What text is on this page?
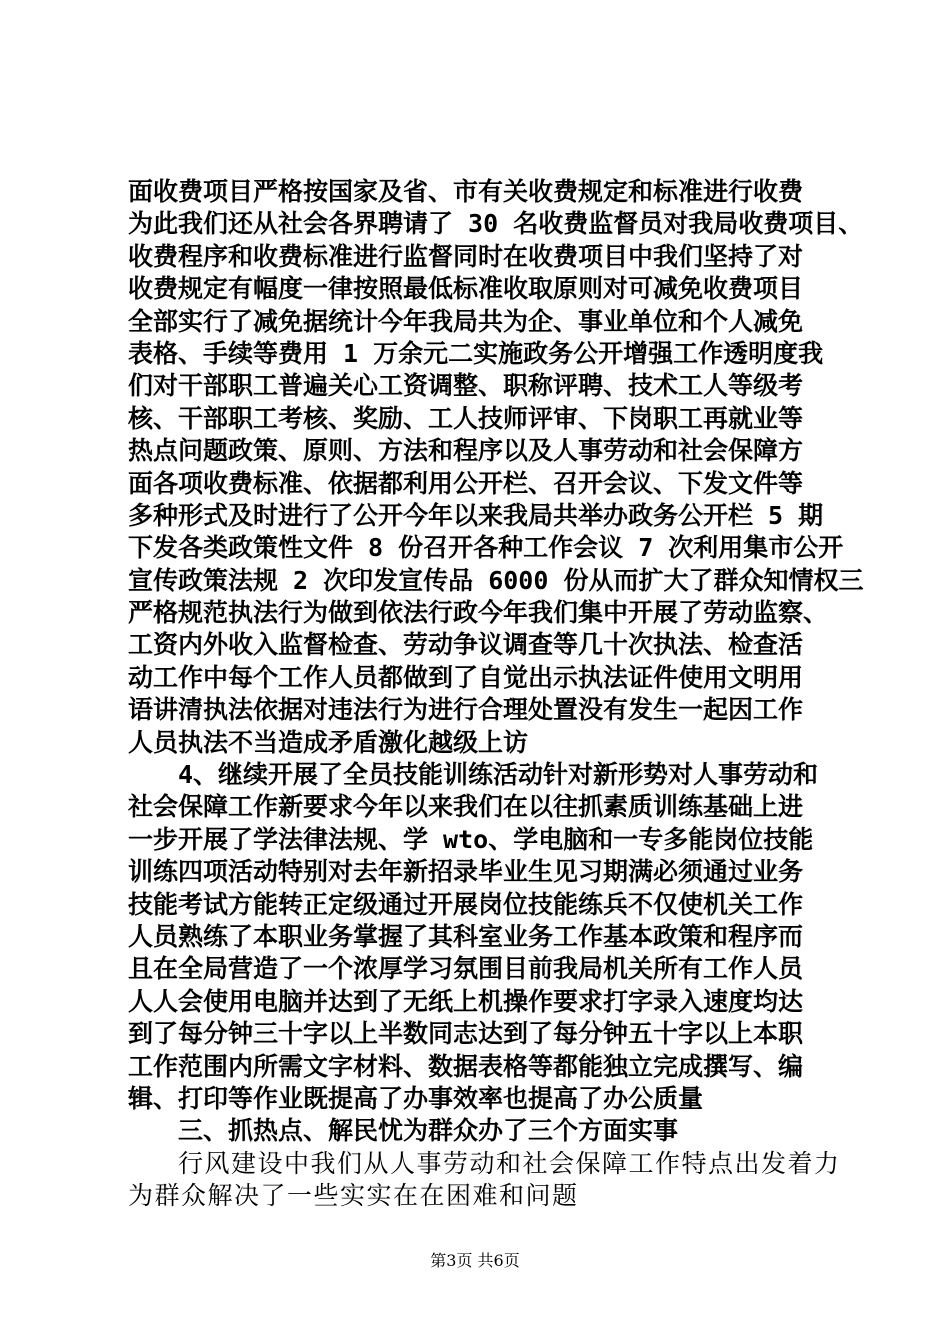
面收费项目严格按国家及省、市有关收费规定和标准进行收费
为此我们还从社会各界聘请了 30 名收费监督员对我局收费项目、
收费程序和收费标准进行监督同时在收费项目中我们坚持了对
收费规定有幅度一律按照最低标准收取原则对可减免收费项目
全部实行了减免据统计今年我局共为企、事业单位和个人减免
表格、手续等费用 1 万余元二实施政务公开增强工作透明度我
们对干部职工普遍关心工资调整、职称评聘、技术工人等级考
核、干部职工考核、奖励、工人技师评审、下岗职工再就业等
热点问题政策、原则、方法和程序以及人事劳动和社会保障方
面各项收费标准、依据都利用公开栏、召开会议、下发文件等
多种形式及时进行了公开今年以来我局共举办政务公开栏 5 期
下发各类政策性文件 8 份召开各种工作会议 7 次利用集市公开
宣传政策法规 2 次印发宣传品 6000 份从而扩大了群众知情权三
严格规范执法行为做到依法行政今年我们集中开展了劳动监察、
工资内外收入监督检查、劳动争议调查等几十次执法、检查活
动工作中每个工作人员都做到了自觉出示执法证件使用文明用
语讲清执法依据对违法行为进行合理处置没有发生一起因工作
人员执法不当造成矛盾激化越级上访
4、继续开展了全员技能训练活动针对新形势对人事劳动和
社会保障工作新要求今年以来我们在以往抓素质训练基础上进
一步开展了学法律法规、学 wto、学电脑和一专多能岗位技能
训练四项活动特别对去年新招录毕业生见习期满必须通过业务
技能考试方能转正定级通过开展岗位技能练兵不仅使机关工作
人员熟练了本职业务掌握了其科室业务工作基本政策和程序而
且在全局营造了一个浓厚学习氛围目前我局机关所有工作人员
人人会使用电脑并达到了无纸上机操作要求打字录入速度均达
到了每分钟三十字以上半数同志达到了每分钟五十字以上本职
工作范围内所需文字材料、数据表格等都能独立完成撰写、编
辑、打印等作业既提高了办事效率也提高了办公质量
三、抓热点、解民忧为群众办了三个方面实事
行风建设中我们从人事劳动和社会保障工作特点出发着力
为群众解决了一些实实在在困难和问题
第3页 共6页
